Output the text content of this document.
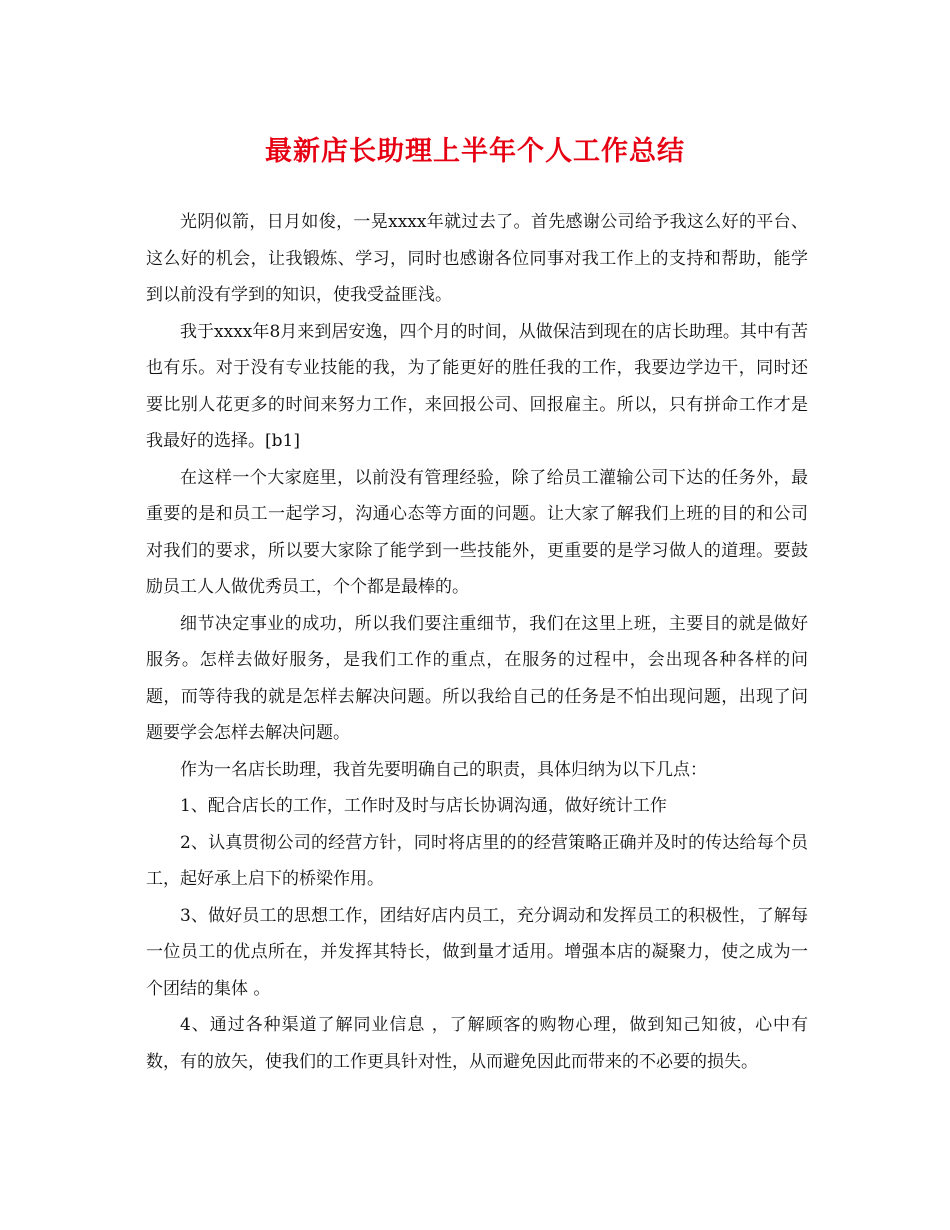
最新店长助理上半年个人工作总结

光阴似箭，日月如俊，一晃xxxx年就过去了。首先感谢公司给予我这么好的平台、这么好的机会，让我锻炼、学习，同时也感谢各位同事对我工作上的支持和帮助，能学到以前没有学到的知识，使我受益匪浅。

我于xxxx年8月来到居安逸，四个月的时间，从做保洁到现在的店长助理。其中有苦也有乐。对于没有专业技能的我，为了能更好的胜任我的工作，我要边学边干，同时还要比别人花更多的时间来努力工作，来回报公司、回报雇主。所以，只有拼命工作才是我最好的选择。[b1]

在这样一个大家庭里，以前没有管理经验，除了给员工灌输公司下达的任务外，最重要的是和员工一起学习，沟通心态等方面的问题。让大家了解我们上班的目的和公司对我们的要求，所以要大家除了能学到一些技能外，更重要的是学习做人的道理。要鼓励员工人人做优秀员工，个个都是最棒的。

细节决定事业的成功，所以我们要注重细节，我们在这里上班，主要目的就是做好服务。怎样去做好服务，是我们工作的重点，在服务的过程中，会出现各种各样的问题，而等待我的就是怎样去解决问题。所以我给自己的任务是不怕出现问题，出现了问题要学会怎样去解决问题。

作为一名店长助理，我首先要明确自己的职责，具体归纳为以下几点：

1、配合店长的工作，工作时及时与店长协调沟通，做好统计工作

2、认真贯彻公司的经营方针，同时将店里的的经营策略正确并及时的传达给每个员工，起好承上启下的桥梁作用。

3、做好员工的思想工作，团结好店内员工，充分调动和发挥员工的积极性，了解每一位员工的优点所在，并发挥其特长，做到量才适用。增强本店的凝聚力，使之成为一个团结的集体 。

4、通过各种渠道了解同业信息 ，了解顾客的购物心理，做到知己知彼，心中有数，有的放矢，使我们的工作更具针对性，从而避免因此而带来的不必要的损失。
